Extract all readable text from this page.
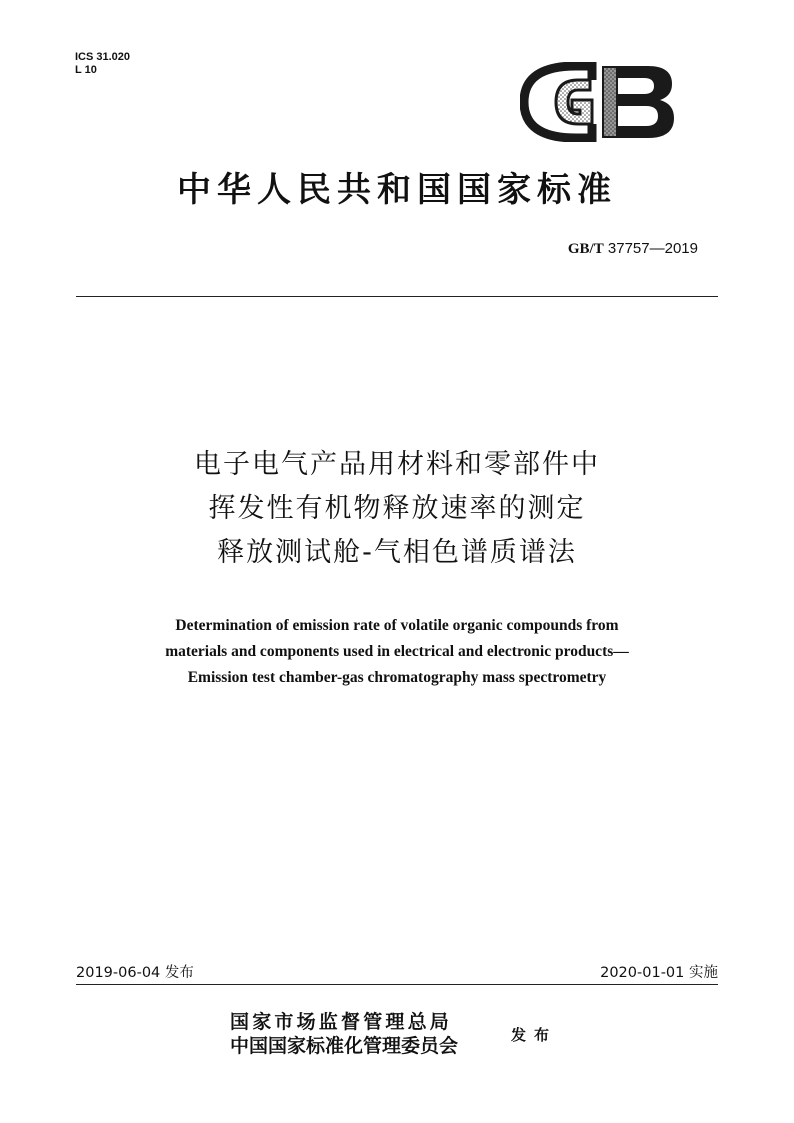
ICS 31.020
L 10
中华人民共和国国家标准
GB/T 37757—2019
电子电气产品用材料和零部件中
挥发性有机物释放速率的测定
释放测试舱-气相色谱质谱法
Determination of emission rate of volatile organic compounds from
materials and components used in electrical and electronic products—
Emission test chamber-gas chromatography mass spectrometry
2019-06-04 发布	2020-01-01 实施
国家市场监督管理总局
中国国家标准化管理委员会	发布
